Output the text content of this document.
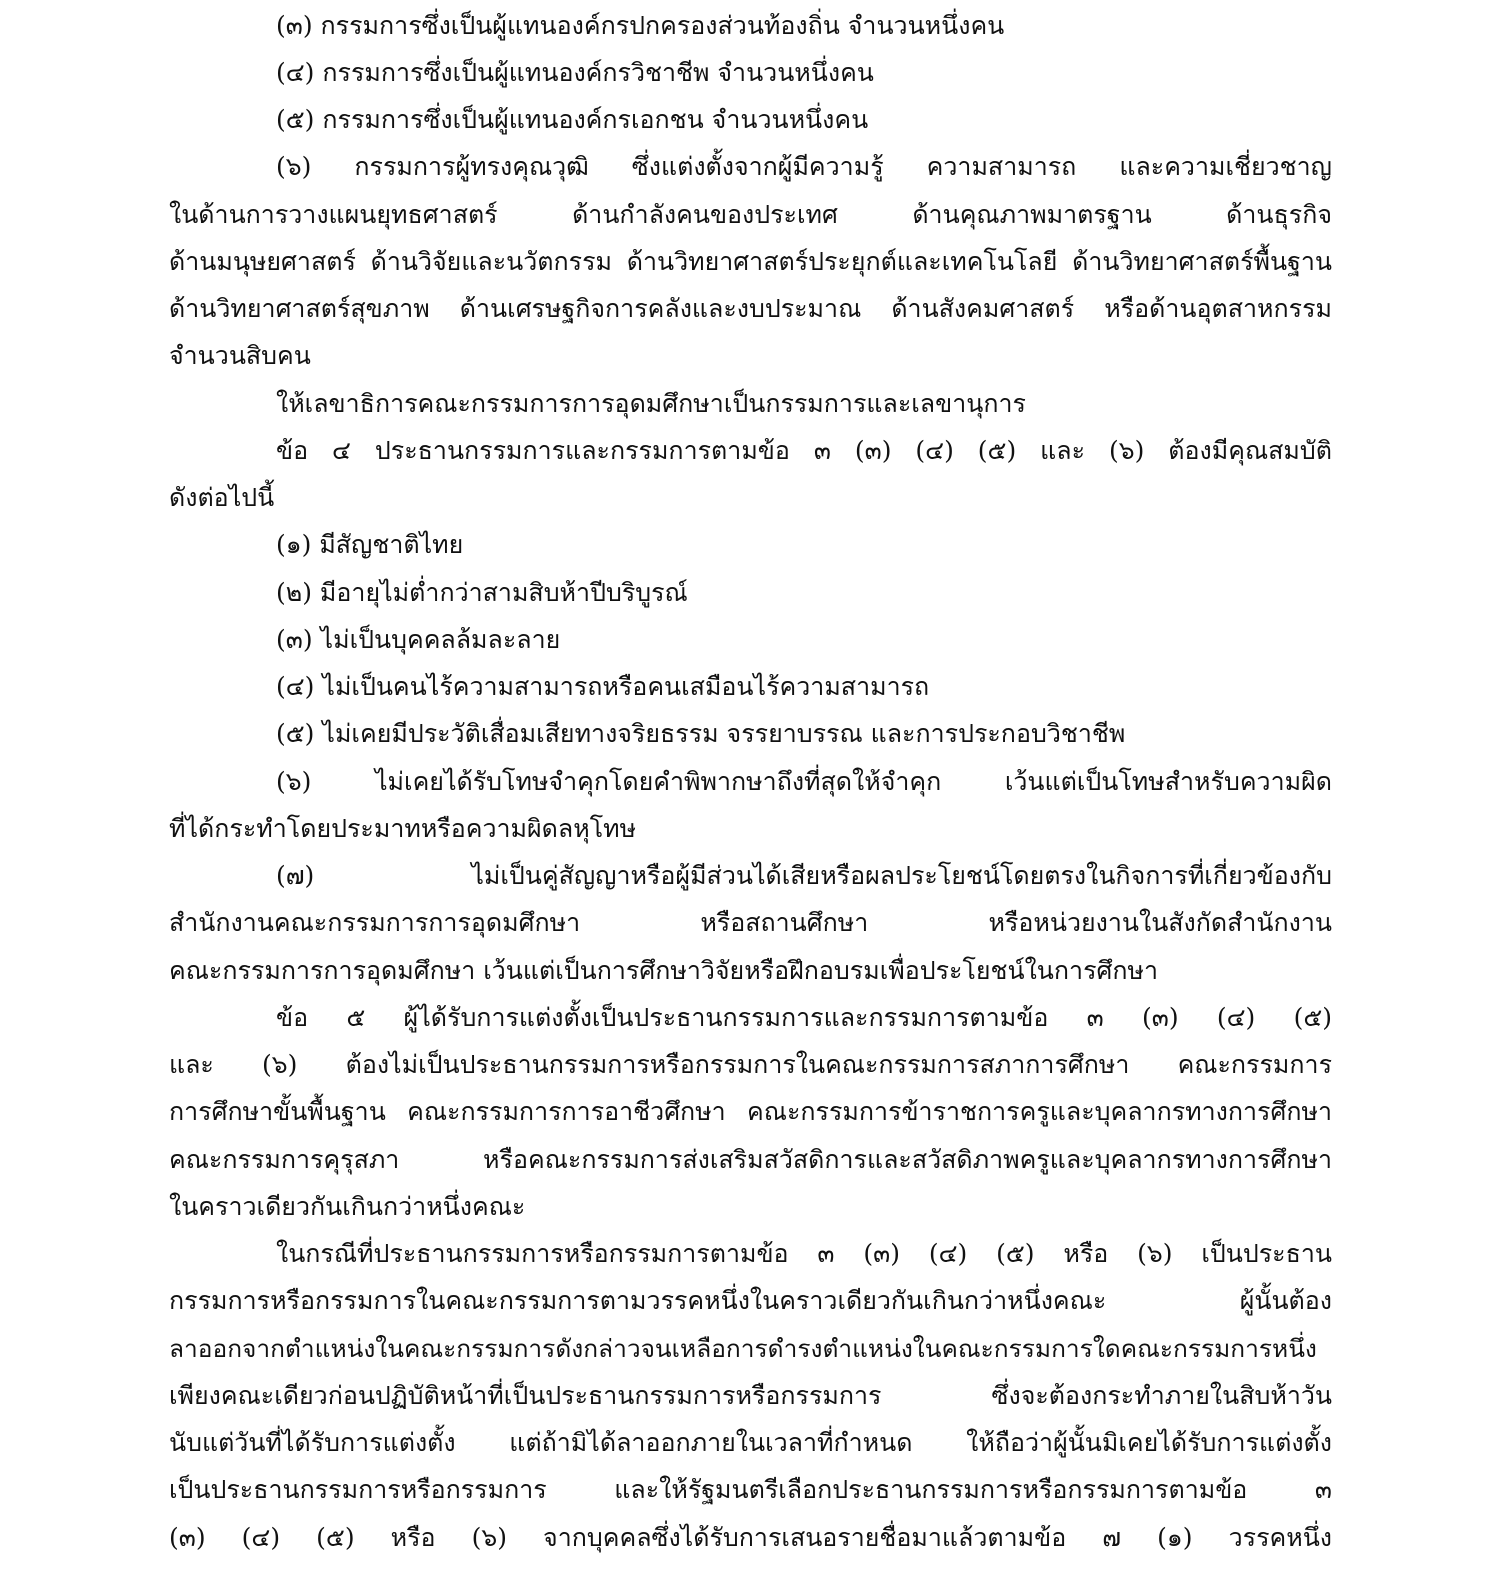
(๓) กรรมการซึ่งเป็นผู้แทนองค์กรปกครองส่วนท้องถิ่น จำนวนหนึ่งคน
(๔) กรรมการซึ่งเป็นผู้แทนองค์กรวิชาชีพ จำนวนหนึ่งคน
(๕) กรรมการซึ่งเป็นผู้แทนองค์กรเอกชน จำนวนหนึ่งคน
(๖) กรรมการผู้ทรงคุณวุฒิ ซึ่งแต่งตั้งจากผู้มีความรู้ ความสามารถ และความเชี่ยวชาญ
ในด้านการวางแผนยุทธศาสตร์ ด้านกำลังคนของประเทศ ด้านคุณภาพมาตรฐาน ด้านธุรกิจ
ด้านมนุษยศาสตร์ ด้านวิจัยและนวัตกรรม ด้านวิทยาศาสตร์ประยุกต์และเทคโนโลยี ด้านวิทยาศาสตร์พื้นฐาน
ด้านวิทยาศาสตร์สุขภาพ ด้านเศรษฐกิจการคลังและงบประมาณ ด้านสังคมศาสตร์ หรือด้านอุตสาหกรรม
จำนวนสิบคน
ให้เลขาธิการคณะกรรมการการอุดมศึกษาเป็นกรรมการและเลขานุการ
ข้อ ๔ ประธานกรรมการและกรรมการตามข้อ ๓ (๓) (๔) (๕) และ (๖) ต้องมีคุณสมบัติ
ดังต่อไปนี้
(๑) มีสัญชาติไทย
(๒) มีอายุไม่ต่ำกว่าสามสิบห้าปีบริบูรณ์
(๓) ไม่เป็นบุคคลล้มละลาย
(๔) ไม่เป็นคนไร้ความสามารถหรือคนเสมือนไร้ความสามารถ
(๕) ไม่เคยมีประวัติเสื่อมเสียทางจริยธรรม จรรยาบรรณ และการประกอบวิชาชีพ
(๖) ไม่เคยได้รับโทษจำคุกโดยคำพิพากษาถึงที่สุดให้จำคุก เว้นแต่เป็นโทษสำหรับความผิด
ที่ได้กระทำโดยประมาทหรือความผิดลหุโทษ
(๗) ไม่เป็นคู่สัญญาหรือผู้มีส่วนได้เสียหรือผลประโยชน์โดยตรงในกิจการที่เกี่ยวข้องกับ
สำนักงานคณะกรรมการการอุดมศึกษา หรือสถานศึกษา หรือหน่วยงานในสังกัดสำนักงาน
คณะกรรมการการอุดมศึกษา เว้นแต่เป็นการศึกษาวิจัยหรือฝึกอบรมเพื่อประโยชน์ในการศึกษา
ข้อ ๕ ผู้ได้รับการแต่งตั้งเป็นประธานกรรมการและกรรมการตามข้อ ๓ (๓) (๔) (๕)
และ (๖) ต้องไม่เป็นประธานกรรมการหรือกรรมการในคณะกรรมการสภาการศึกษา คณะกรรมการ
การศึกษาขั้นพื้นฐาน คณะกรรมการการอาชีวศึกษา คณะกรรมการข้าราชการครูและบุคลากรทางการศึกษา
คณะกรรมการคุรุสภา หรือคณะกรรมการส่งเสริมสวัสดิการและสวัสดิภาพครูและบุคลากรทางการศึกษา
ในคราวเดียวกันเกินกว่าหนึ่งคณะ
ในกรณีที่ประธานกรรมการหรือกรรมการตามข้อ ๓ (๓) (๔) (๕) หรือ (๖) เป็นประธาน
กรรมการหรือกรรมการในคณะกรรมการตามวรรคหนึ่งในคราวเดียวกันเกินกว่าหนึ่งคณะ ผู้นั้นต้อง
ลาออกจากตำแหน่งในคณะกรรมการดังกล่าวจนเหลือการดำรงตำแหน่งในคณะกรรมการใดคณะกรรมการหนึ่ง
เพียงคณะเดียวก่อนปฏิบัติหน้าที่เป็นประธานกรรมการหรือกรรมการ ซึ่งจะต้องกระทำภายในสิบห้าวัน
นับแต่วันที่ได้รับการแต่งตั้ง แต่ถ้ามิได้ลาออกภายในเวลาที่กำหนด ให้ถือว่าผู้นั้นมิเคยได้รับการแต่งตั้ง
เป็นประธานกรรมการหรือกรรมการ และให้รัฐมนตรีเลือกประธานกรรมการหรือกรรมการตามข้อ ๓
(๓) (๔) (๕) หรือ (๖) จากบุคคลซึ่งได้รับการเสนอรายชื่อมาแล้วตามข้อ ๗ (๑) วรรคหนึ่ง
